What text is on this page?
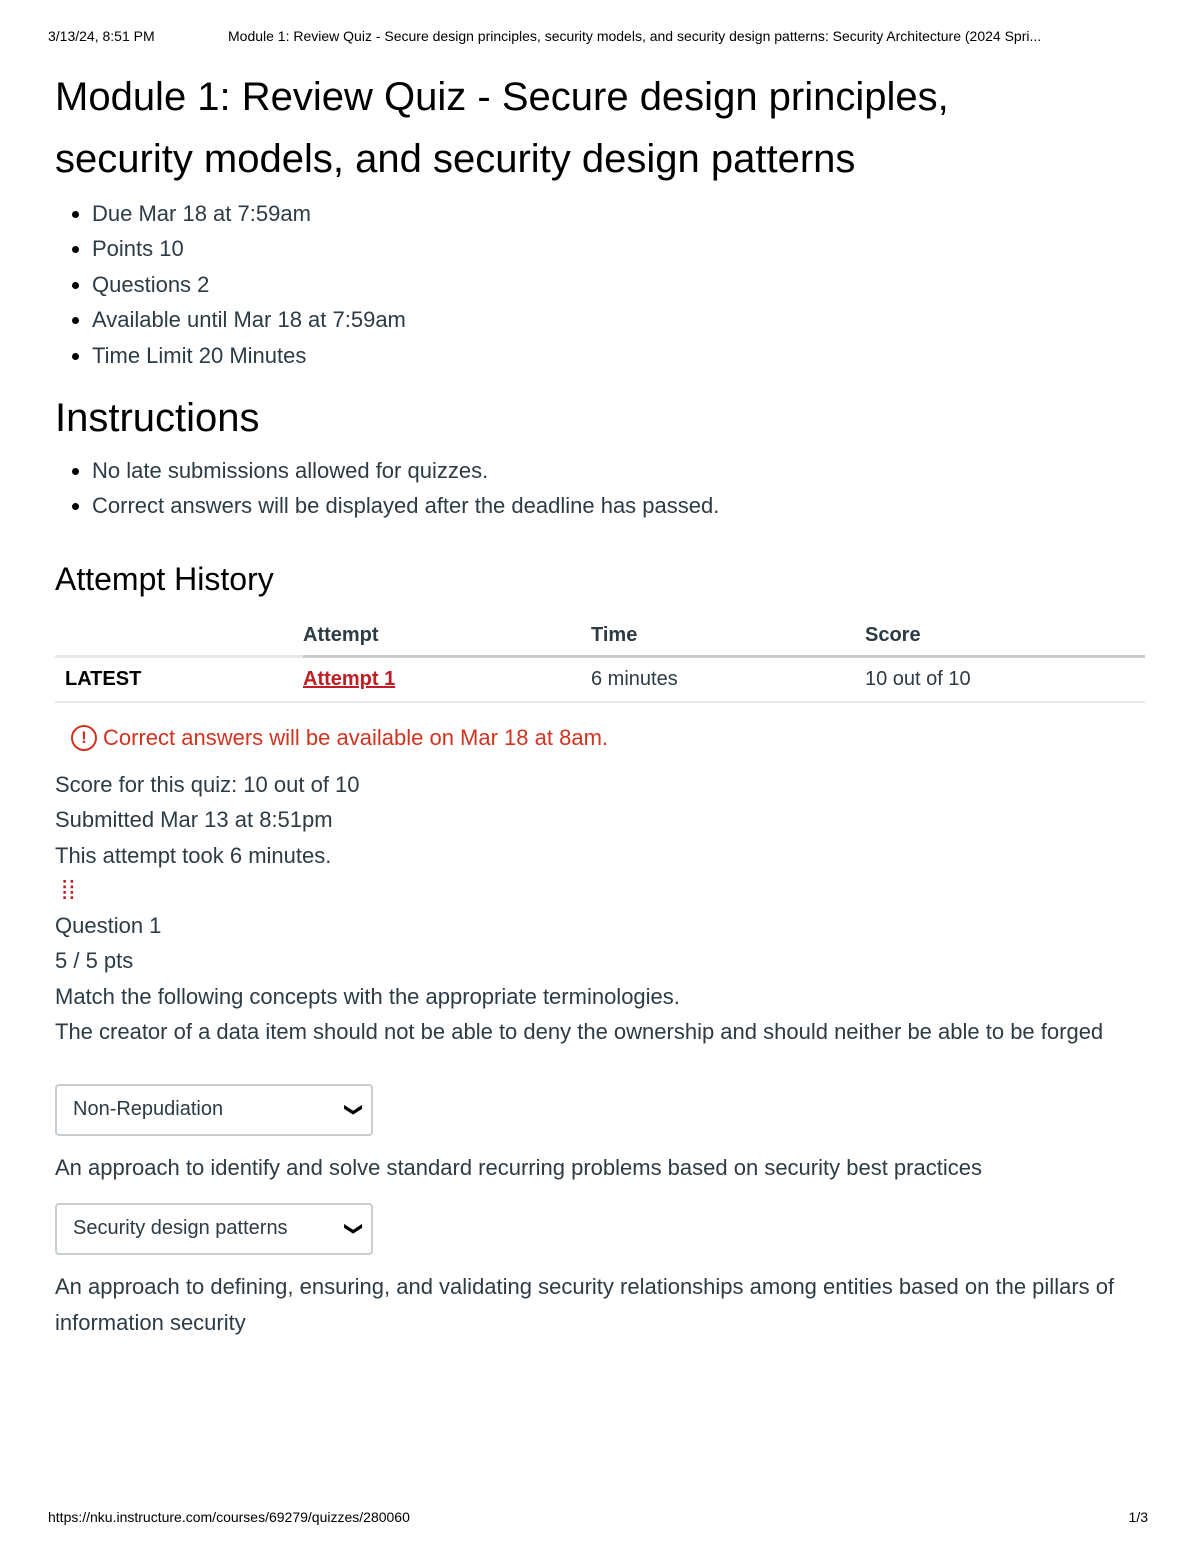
3/13/24, 8:51 PM	Module 1: Review Quiz - Secure design principles, security models, and security design patterns: Security Architecture (2024 Spri...
Module 1: Review Quiz - Secure design principles,
security models, and security design patterns
• Due Mar 18 at 7:59am
• Points 10
• Questions 2
• Available until Mar 18 at 7:59am
• Time Limit 20 Minutes
Instructions
• No late submissions allowed for quizzes.
• Correct answers will be displayed after the deadline has passed.
Attempt History
	Attempt	Time	Score
LATEST	Attempt 1	6 minutes	10 out of 10
! Correct answers will be available on Mar 18 at 8am.
Score for this quiz: 10 out of 10
Submitted Mar 13 at 8:51pm
This attempt took 6 minutes.
⁞⁞
Question 1
5 / 5 pts
Match the following concepts with the appropriate terminologies.
The creator of a data item should not be able to deny the ownership and should neither be able to be forged
Non-Repudiation	❯
An approach to identify and solve standard recurring problems based on security best practices
Security design patterns	❯
An approach to defining, ensuring, and validating security relationships among entities based on the pillars of information security
https://nku.instructure.com/courses/69279/quizzes/280060	1/3
